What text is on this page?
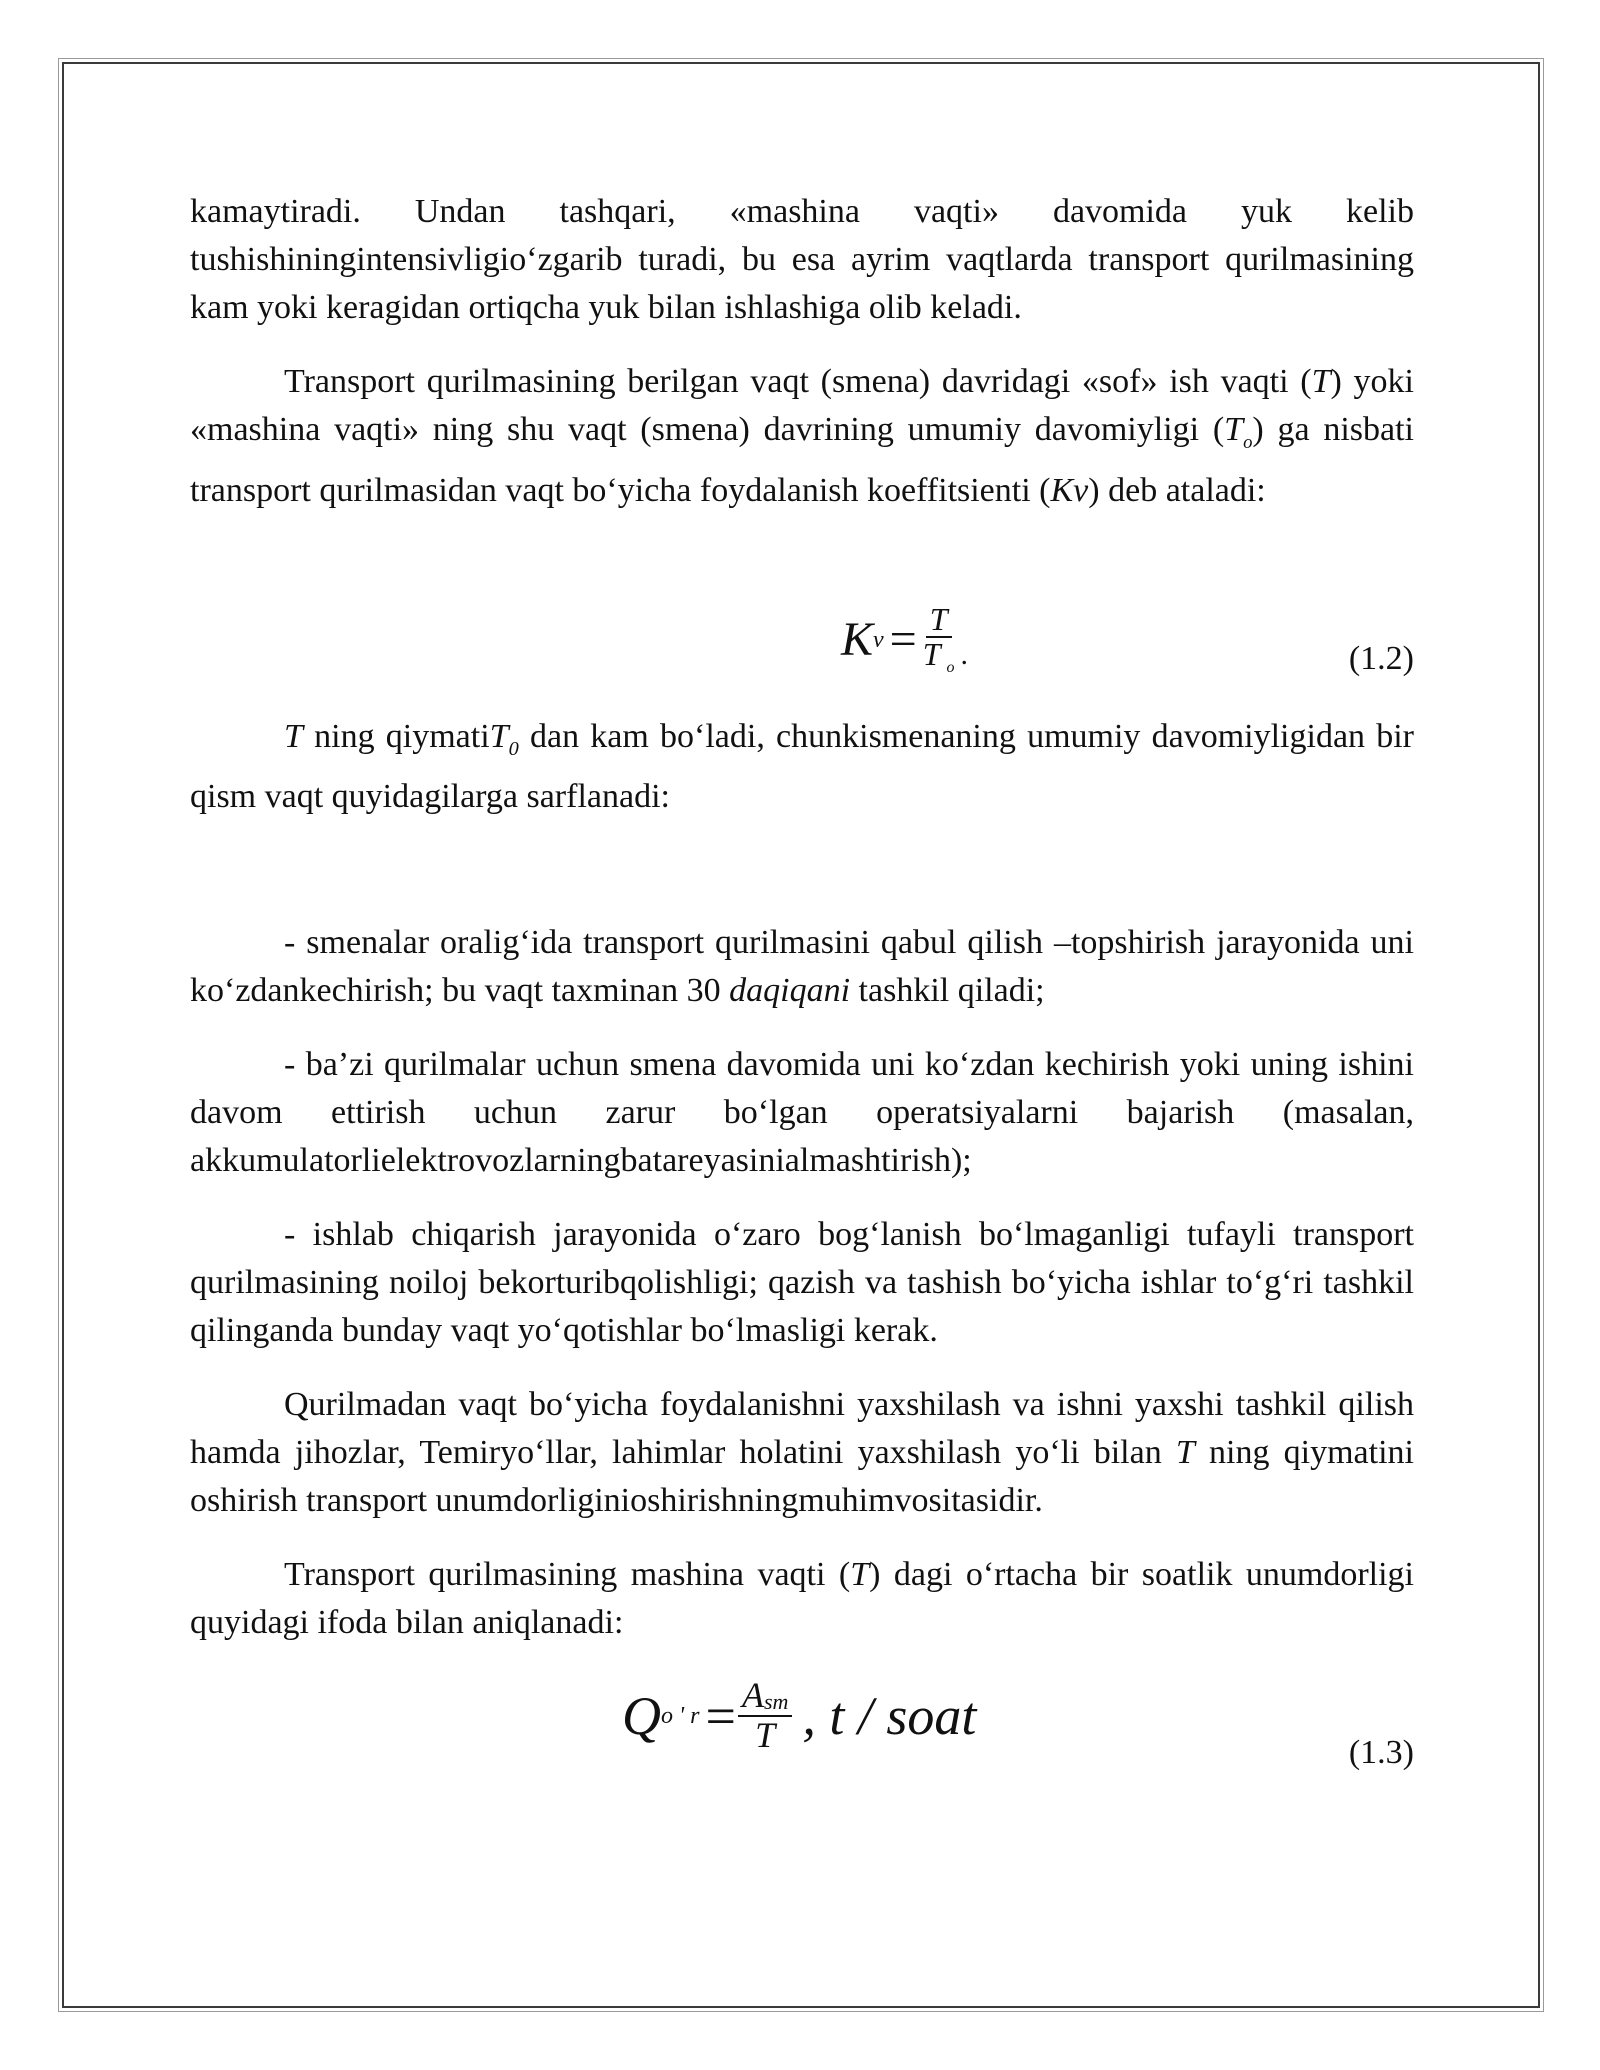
kamaytiradi. Undan tashqari, «mashina vaqti» davomida yuk kelib tushishiningintensivligio‘zgarib turadi, bu esa ayrim vaqtlarda transport qurilmasining kam yoki keragidan ortiqcha yuk bilan ishlashiga olib keladi.

Transport qurilmasining berilgan vaqt (smena) davridagi «sof» ish vaqti (T) yoki «mashina vaqti» ning shu vaqt (smena) davrining umumiy davomiyligi $(T_o)$ ga nisbati transport qurilmasidan vaqt bo‘yicha foydalanish koeffitsienti (Kv) deb ataladi:

K $v = \frac{T}{T _o}$ .	(1.2)

T ning qiymatiT$_0$ dan kam bo‘ladi, chunkismenaning umumiy davomiyligidan bir qism vaqt quyidagilarga sarflanadi:

- smenalar oralig‘ida transport qurilmasini qabul qilish –topshirish jarayonida uni ko‘zdankechirish; bu vaqt taxminan 30 daqiqani tashkil qiladi;

- ba’zi qurilmalar uchun smena davomida uni ko‘zdan kechirish yoki uning ishini davom ettirish uchun zarur bo‘lgan operatsiyalarni bajarish (masalan, akkumulatorlielektrovozlarningbatareyasinialmashtirish);

- ishlab chiqarish jarayonida o‘zaro bog‘lanish bo‘lmaganligi tufayli transport qurilmasining noiloj bekorturibqolishligi; qazish va tashish bo‘yicha ishlar to‘g‘ri tashkil qilinganda bunday vaqt yo‘qotishlar bo‘lmasligi kerak.

Qurilmadan vaqt bo‘yicha foydalanishni yaxshilash va ishni yaxshi tashkil qilish hamda jihozlar, Temiryo‘llar, lahimlar holatini yaxshilash yo‘li bilan T ning qiymatini oshirish transport unumdorliginioshirishningmuhimvositasidir.

Transport qurilmasining mashina vaqti (T) dagi o‘rtacha bir soatlik unumdorligi quyidagi ifoda bilan aniqlanadi:

Q o ' $r = \frac{\text{Asm}}{T}$ , t / soat
(1.3)
